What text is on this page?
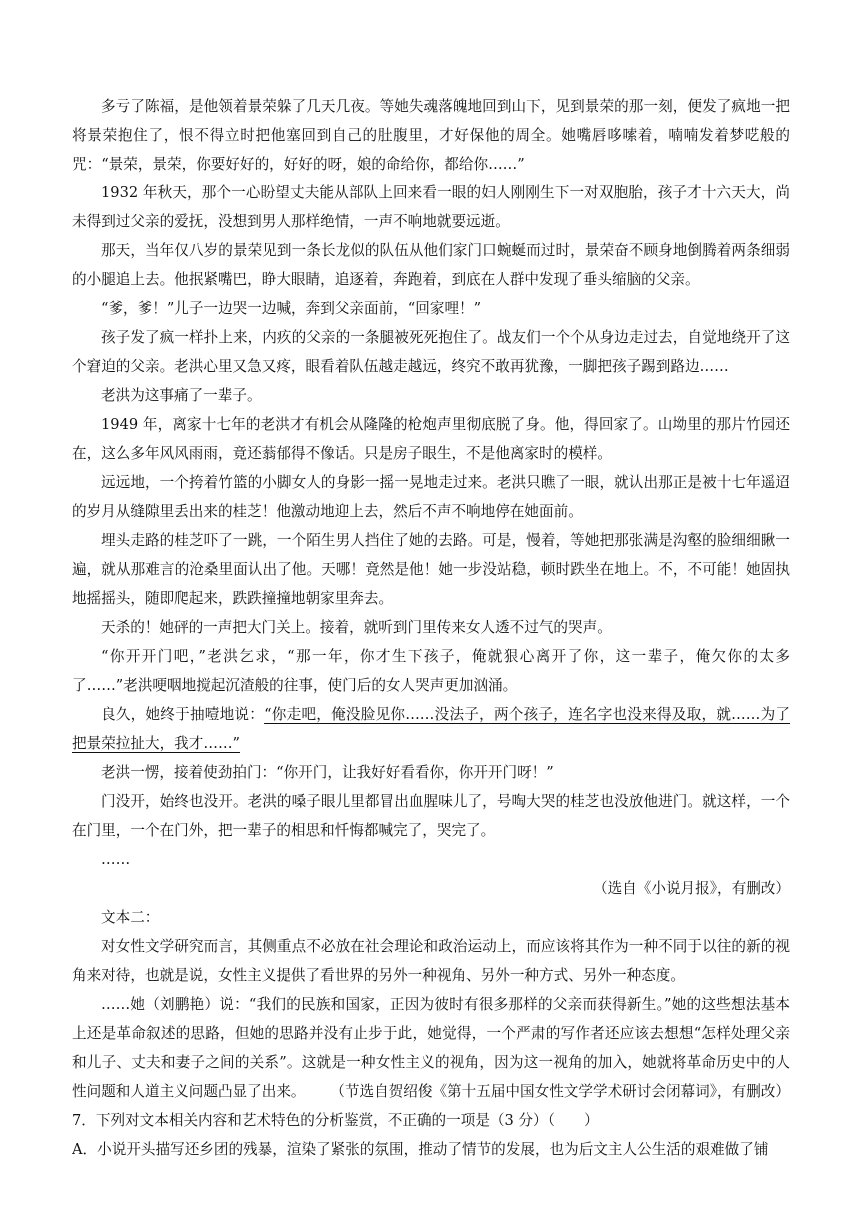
多亏了陈福，是他领着景荣躲了几天几夜。等她失魂落魄地回到山下，见到景荣的那一刻，便发了疯地一把将景荣抱住了，恨不得立时把他塞回到自己的肚腹里，才好保他的周全。她嘴唇哆嗦着，喃喃发着梦呓般的咒：“景荣，景荣，你要好好的，好好的呀，娘的命给你，都给你……”

1932 年秋天，那个一心盼望丈夫能从部队上回来看一眼的妇人刚刚生下一对双胞胎，孩子才十六天大，尚未得到过父亲的爱抚，没想到男人那样绝情，一声不响地就要远逝。

那天，当年仅八岁的景荣见到一条长龙似的队伍从他们家门口蜿蜒而过时，景荣奋不顾身地倒腾着两条细弱的小腿追上去。他抿紧嘴巴，睁大眼睛，追逐着，奔跑着，到底在人群中发现了垂头缩脑的父亲。

“爹，爹！”儿子一边哭一边喊，奔到父亲面前，“回家哩！”

孩子发了疯一样扑上来，内疚的父亲的一条腿被死死抱住了。战友们一个个从身边走过去，自觉地绕开了这个窘迫的父亲。老洪心里又急又疼，眼看着队伍越走越远，终究不敢再犹豫，一脚把孩子踢到路边……

老洪为这事痛了一辈子。

1949 年，离家十七年的老洪才有机会从隆隆的枪炮声里彻底脱了身。他，得回家了。山坳里的那片竹园还在，这么多年风风雨雨，竟还蓊郁得不像话。只是房子眼生，不是他离家时的模样。

远远地，一个挎着竹篮的小脚女人的身影一摇一晃地走过来。老洪只瞧了一眼，就认出那正是被十七年遥迢的岁月从缝隙里丢出来的桂芝！他激动地迎上去，然后不声不响地停在她面前。

埋头走路的桂芝吓了一跳，一个陌生男人挡住了她的去路。可是，慢着，等她把那张满是沟壑的脸细细瞅一遍，就从那难言的沧桑里面认出了他。天哪！竟然是他！她一步没站稳，顿时跌坐在地上。不，不可能！她固执地摇摇头，随即爬起来，跌跌撞撞地朝家里奔去。

天杀的！她砰的一声把大门关上。接着，就听到门里传来女人透不过气的哭声。

“你开开门吧，”老洪乞求，“那一年，你才生下孩子，俺就狠心离开了你，这一辈子，俺欠你的太多了……”老洪哽咽地搅起沉渣般的往事，使门后的女人哭声更加汹涌。

良久，她终于抽噎地说：“你走吧，俺没脸见你……没法子，两个孩子，连名字也没来得及取，就……为了把景荣拉扯大，我才……”

老洪一愣，接着使劲拍门：“你开门，让我好好看看你，你开开门呀！”

门没开，始终也没开。老洪的嗓子眼儿里都冒出血腥味儿了，号啕大哭的桂芝也没放他进门。就这样，一个在门里，一个在门外，把一辈子的相思和忏悔都喊完了，哭完了。

……

（选自《小说月报》，有删改）

文本二：

对女性文学研究而言，其侧重点不必放在社会理论和政治运动上，而应该将其作为一种不同于以往的新的视角来对待，也就是说，女性主义提供了看世界的另外一种视角、另外一种方式、另外一种态度。

……她（刘鹏艳）说：“我们的民族和国家，正因为彼时有很多那样的父亲而获得新生。”她的这些想法基本上还是革命叙述的思路，但她的思路并没有止步于此，她觉得，一个严肃的写作者还应该去想想“怎样处理父亲和儿子、丈夫和妻子之间的关系”。这就是一种女性主义的视角，因为这一视角的加入，她就将革命历史中的人性问题和人道主义问题凸显了出来。	（节选自贺绍俊《第十五届中国女性文学学术研讨会闭幕词》，有删改）

7．下列对文本相关内容和艺术特色的分析鉴赏，不正确的一项是（3 分）（　　）

A．小说开头描写还乡团的残暴，渲染了紧张的氛围，推动了情节的发展，也为后文主人公生活的艰难做了铺
